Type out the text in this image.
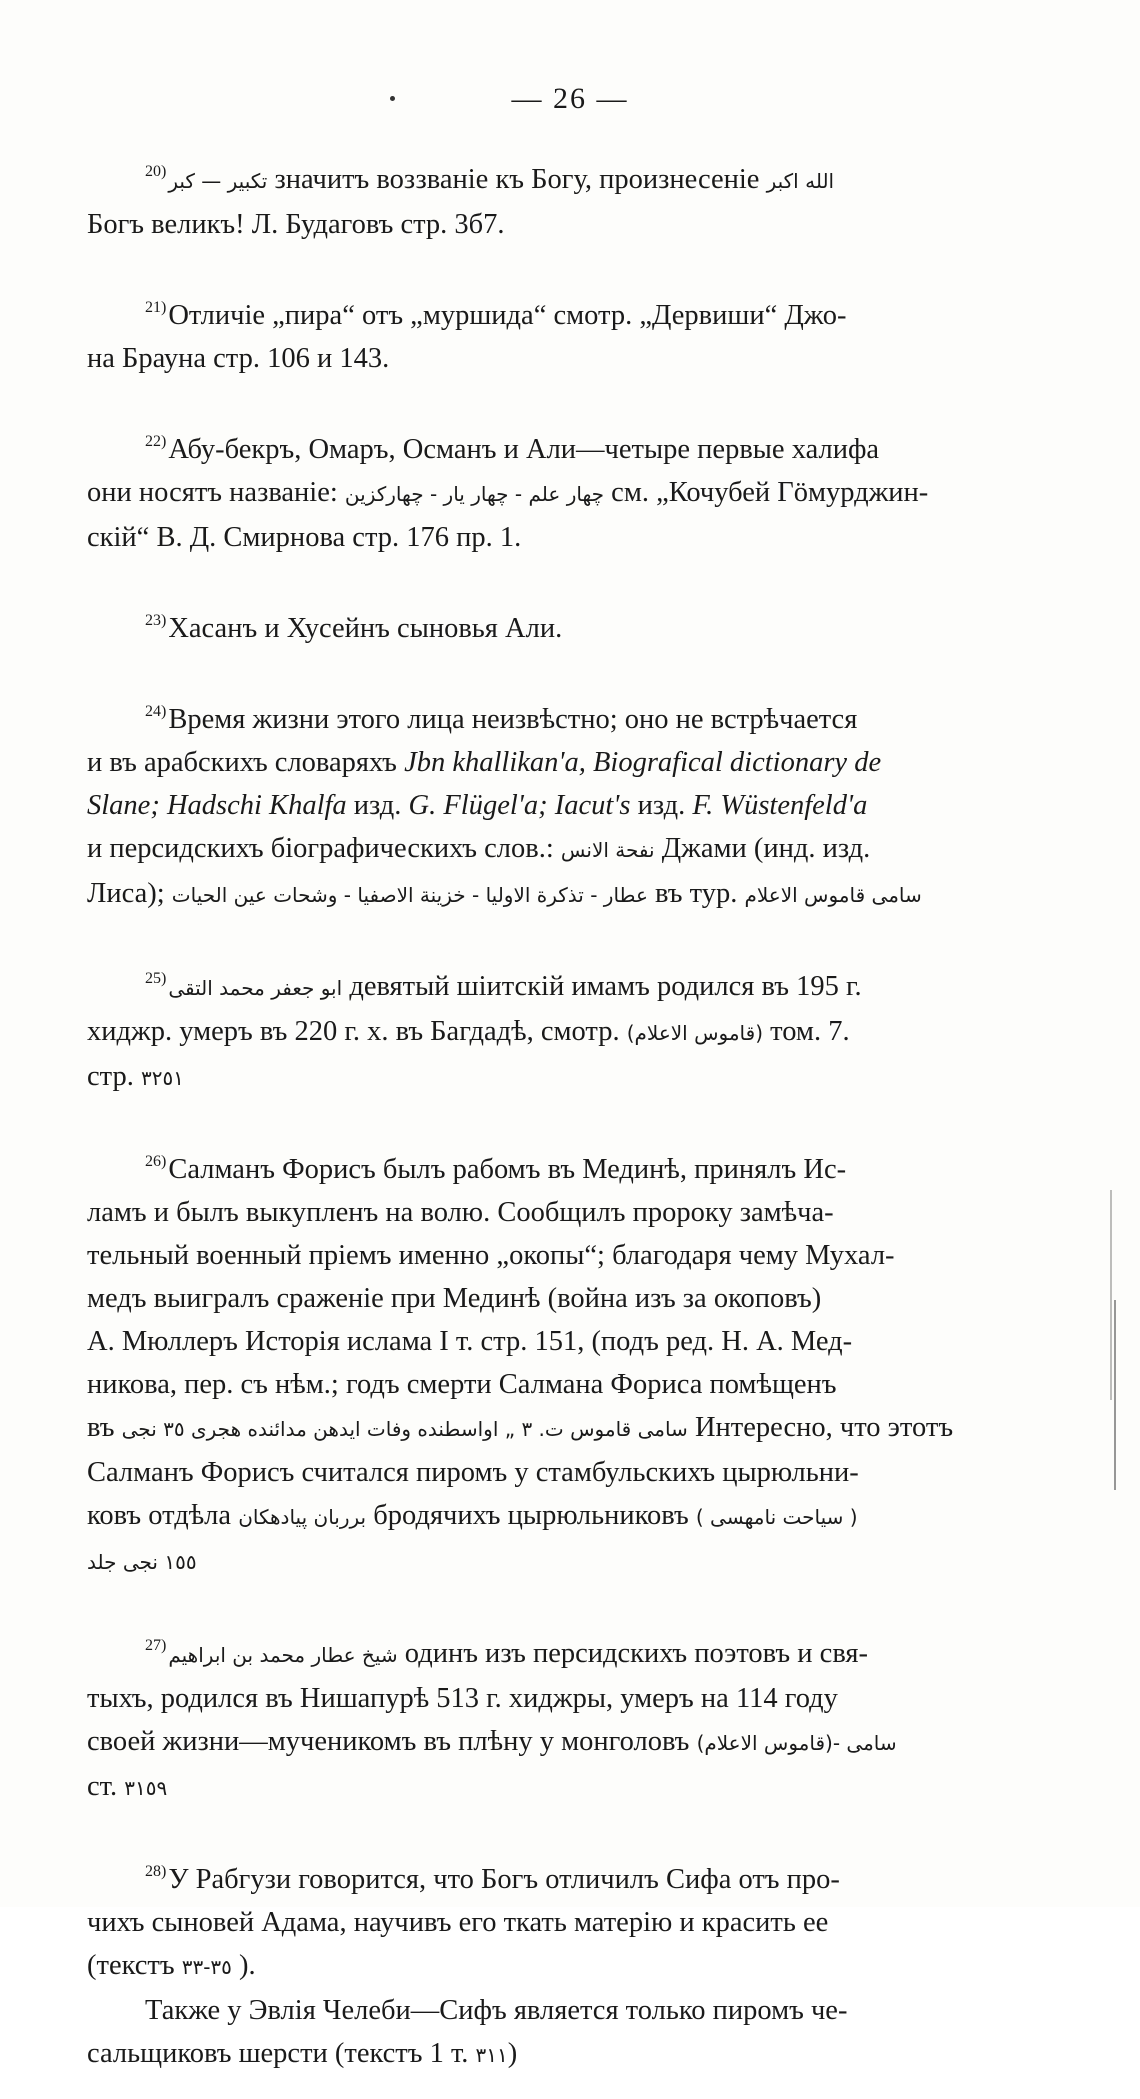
— 26 —
$^{20)}$ تكبير — كبر значитъ воззваніе къ Богу, произнесеніе الله اكبر
Богъ великъ! Л. Будаговъ стр. 3б7.
$^{21)}$Отличіе „пира“ отъ „муршида“ смотр. „Дервиши“ Джо-
на Брауна стр. 106 и 143.
$^{22)}$Абу-бекръ, Омаръ, Османъ и Али—четыре первые халифа
они носятъ названіе: چهار علم - چهار يار - چهاركزين см. „Кочубей Гӧмурджин-
скій“ В. Д. Смирнова стр. 176 пр. 1.
$^{23)}$Хасанъ и Хусейнъ сыновья Али.
$^{24)}$Время жизни этого лица неизвѣстно; оно не встрѣчается
и въ арабскихъ словаряхъ Jbn khallikan'a, Biografical dictionary de
Slane; Hadschi Khalfa изд. G. Flügel'a; Iacut's изд. F. Wüstenfeld'a
и персидскихъ біографическихъ слов.: نفحة الانس Джами (инд. изд.
Лиса); عطار - تذكرة الاوليا - خزينة الاصفيا - وشحات عين الحيات въ тур. سامى قاموس الاعلام
$^{25)}$ ابو جعفر محمد التقى девятый шіитскій имамъ родился въ 195 г.
хиджр. умеръ въ 220 г. х. въ Багдадѣ, смотр. (قاموس الاعلام) том. 7.
стр. ٣٢٥١
$^{26)}$Салманъ Форисъ былъ рабомъ въ Мединѣ, принялъ Ис-
ламъ и былъ выкупленъ на волю. Сообщилъ пророку замѣча-
тельный военный пріемъ именно „окопы“; благодаря чему Мухал-
медъ выигралъ сраженіе при Мединѣ (война изъ за окоповъ)
А. Мюллеръ Исторія ислама I т. стр. 151, (подъ ред. Н. А. Мед-
никова, пер. съ нѣм.; годъ смерти Салмана Фориса помѣщенъ
въ سامى قاموس ت. ٣ „ اواسطنده وفات ايدهن مدائنده هجرى ٣٥ نجى Интересно, что этотъ
Салманъ Форисъ считался пиромъ у стамбульскихъ цырюльни-
ковъ отдѣла برربان پيادهكان бродячихъ цырюльниковъ ( سياحت نامهسى )
١٥٥ نجى جلد
$^{27)}$ شيخ عطار محمد بن ابراهيم одинъ изъ персидскихъ поэтовъ и свя-
тыхъ, родился въ Нишапурѣ 513 г. хиджры, умеръ на 114 году
своей жизни—мученикомъ въ плѣну у монголовъ سامى -(قاموس الاعلام)
ст. ٣١٥٩
$^{28)}$У Рабгузи говорится, что Богъ отличилъ Сифа отъ про-
чихъ сыновей Адама, научивъ его ткать матерію и красить ее
(текстъ ٣٥-٣٣ ).
Также у Эвлія Челеби—Сифъ является только пиромъ че-
сальщиковъ шерсти (текстъ 1 т. ٣١١)
